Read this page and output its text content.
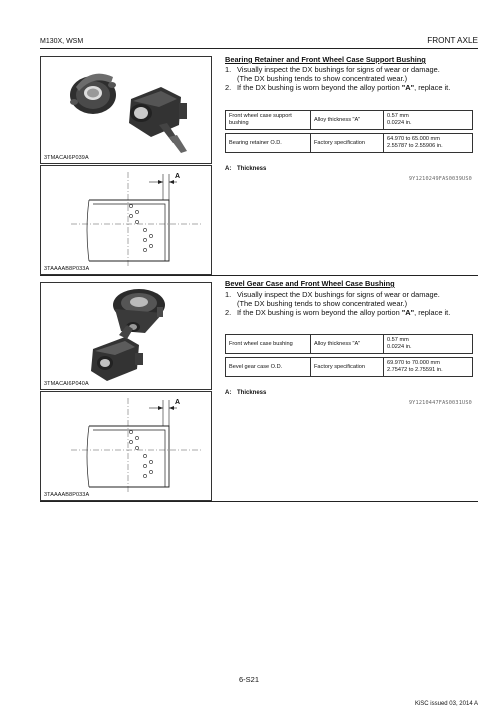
M130X, WSM	FRONT AXLE
3TMACAI6P039A
A
3TAAAAB8P033A
Bearing Retainer and Front Wheel Case Support Bushing
1. Visually inspect the DX bushings for signs of wear or damage.
(The DX bushing tends to show concentrated wear.)
2. If the DX bushing is worn beyond the alloy portion "A", replace it.
Front wheel case support bushing	Alloy thickness "A"	0.57 mm
0.0224 in.

Bearing retainer O.D.	Factory specification	64.970 to 65.000 mm
2.55787 to 2.55906 in.
A: Thickness
9Y1210249FAS0039US0
3TMACAI6P040A
A
3TAAAAB8P033A
Bevel Gear Case and Front Wheel Case Bushing
1. Visually inspect the DX bushings for signs of wear or damage.
(The DX bushing tends to show concentrated wear.)
2. If the DX bushing is worn beyond the alloy portion "A", replace it.
Front wheel case bushing	Alloy thickness "A"	0.57 mm
0.0224 in.

Bevel gear case O.D.	Factory specification	69.970 to 70.000 mm
2.75472 to 2.75591 in.
A: Thickness
9Y1210447FAS0031US0
6-S21
KiSC issued 03, 2014 A
